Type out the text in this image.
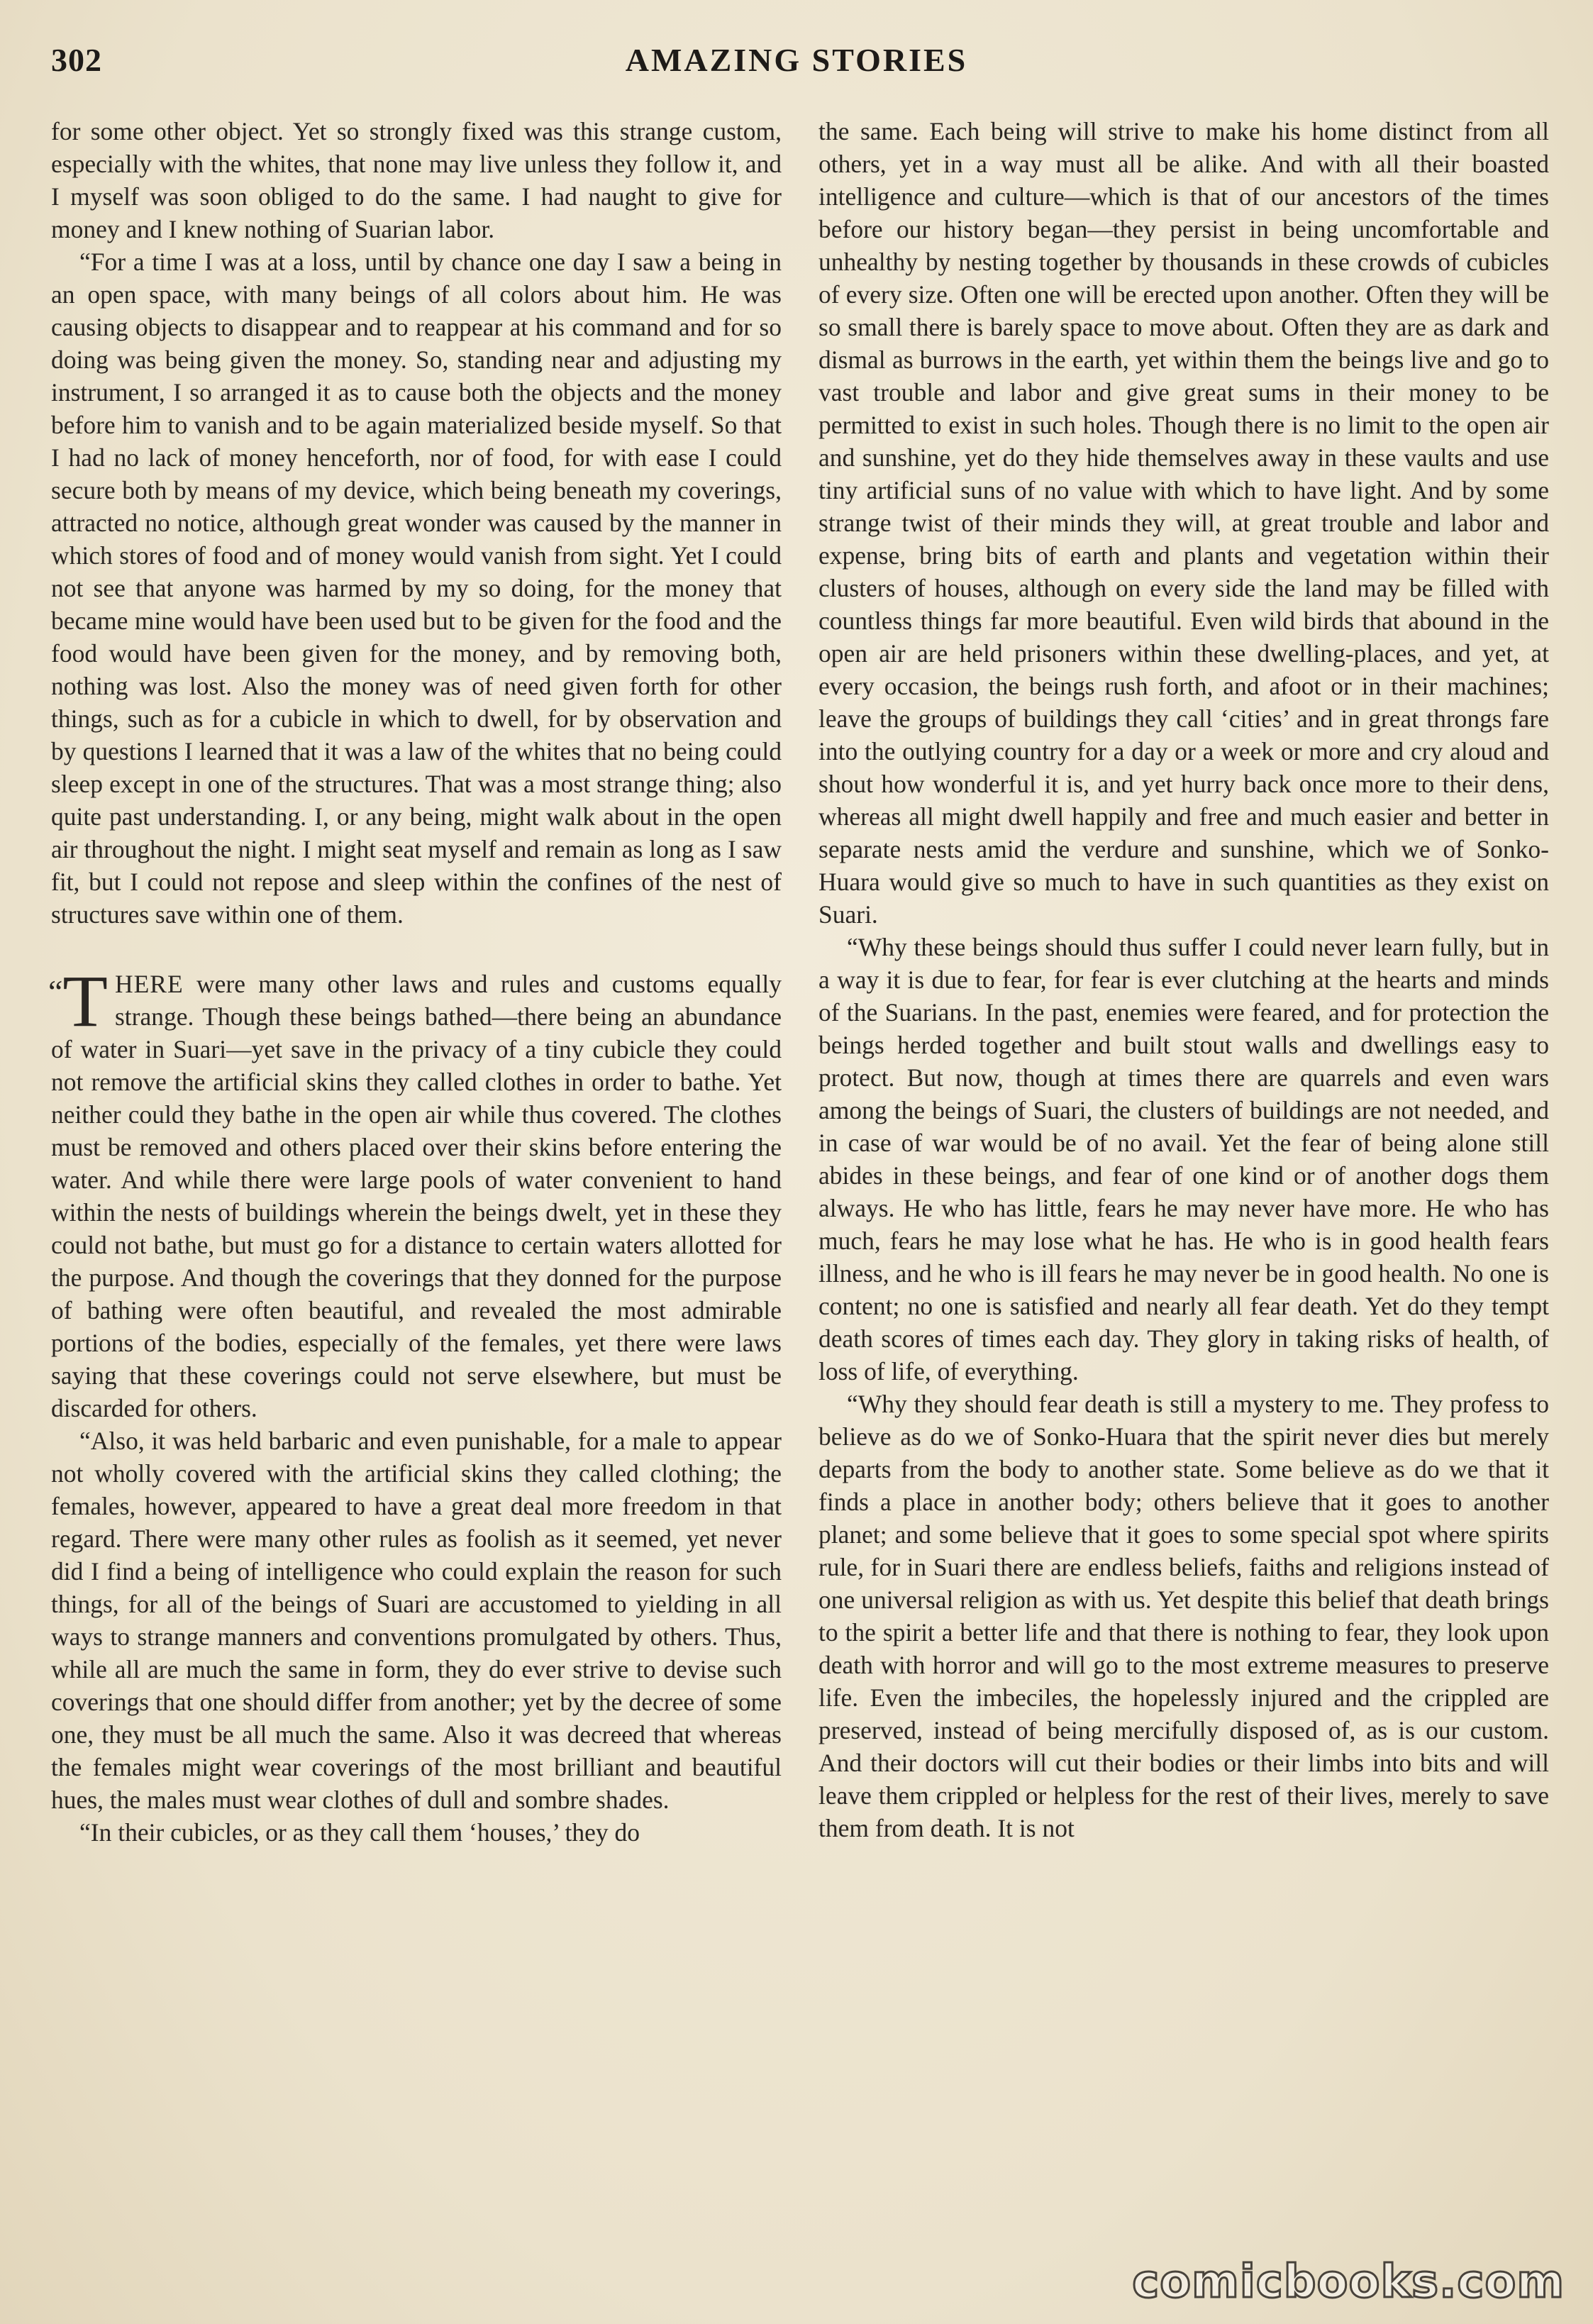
302	AMAZING STORIES

for some other object. Yet so strongly fixed was this strange custom, especially with the whites, that none may live unless they follow it, and I myself was soon obliged to do the same. I had naught to give for money and I knew nothing of Suarian labor.

“For a time I was at a loss, until by chance one day I saw a being in an open space, with many beings of all colors about him. He was causing objects to disappear and to reappear at his command and for so doing was being given the money. So, standing near and adjusting my instrument, I so arranged it as to cause both the objects and the money before him to vanish and to be again materialized beside myself. So that I had no lack of money henceforth, nor of food, for with ease I could secure both by means of my device, which being beneath my coverings, attracted no notice, although great wonder was caused by the manner in which stores of food and of money would vanish from sight. Yet I could not see that anyone was harmed by my so doing, for the money that became mine would have been used but to be given for the food and the food would have been given for the money, and by removing both, nothing was lost. Also the money was of need given forth for other things, such as for a cubicle in which to dwell, for by observation and by questions I learned that it was a law of the whites that no being could sleep except in one of the structures. That was a most strange thing; also quite past understanding. I, or any being, might walk about in the open air throughout the night. I might seat myself and remain as long as I saw fit, but I could not repose and sleep within the confines of the nest of structures save within one of them.

“T HERE were many other laws and rules and customs equally strange. Though these beings bathed—there being an abundance of water in Suari—yet save in the privacy of a tiny cubicle they could not remove the artificial skins they called clothes in order to bathe. Yet neither could they bathe in the open air while thus covered. The clothes must be removed and others placed over their skins before entering the water. And while there were large pools of water convenient to hand within the nests of buildings wherein the beings dwelt, yet in these they could not bathe, but must go for a distance to certain waters allotted for the purpose. And though the coverings that they donned for the purpose of bathing were often beautiful, and revealed the most admirable portions of the bodies, especially of the females, yet there were laws saying that these coverings could not serve elsewhere, but must be discarded for others.

“Also, it was held barbaric and even punishable, for a male to appear not wholly covered with the artificial skins they called clothing; the females, however, appeared to have a great deal more freedom in that regard. There were many other rules as foolish as it seemed, yet never did I find a being of intelligence who could explain the reason for such things, for all of the beings of Suari are accustomed to yielding in all ways to strange manners and conventions promulgated by others. Thus, while all are much the same in form, they do ever strive to devise such coverings that one should differ from another; yet by the decree of some one, they must be all much the same. Also it was decreed that whereas the females might wear coverings of the most brilliant and beautiful hues, the males must wear clothes of dull and sombre shades.

“In their cubicles, or as they call them ‘houses,’ they do

the same. Each being will strive to make his home distinct from all others, yet in a way must all be alike. And with all their boasted intelligence and culture—which is that of our ancestors of the times before our history began—they persist in being uncomfortable and unhealthy by nesting together by thousands in these crowds of cubicles of every size. Often one will be erected upon another. Often they will be so small there is barely space to move about. Often they are as dark and dismal as burrows in the earth, yet within them the beings live and go to vast trouble and labor and give great sums in their money to be permitted to exist in such holes. Though there is no limit to the open air and sunshine, yet do they hide themselves away in these vaults and use tiny artificial suns of no value with which to have light. And by some strange twist of their minds they will, at great trouble and labor and expense, bring bits of earth and plants and vegetation within their clusters of houses, although on every side the land may be filled with countless things far more beautiful. Even wild birds that abound in the open air are held prisoners within these dwelling-places, and yet, at every occasion, the beings rush forth, and afoot or in their machines; leave the groups of buildings they call ‘cities’ and in great throngs fare into the outlying country for a day or a week or more and cry aloud and shout how wonderful it is, and yet hurry back once more to their dens, whereas all might dwell happily and free and much easier and better in separate nests amid the verdure and sunshine, which we of Sonko-Huara would give so much to have in such quantities as they exist on Suari.

“Why these beings should thus suffer I could never learn fully, but in a way it is due to fear, for fear is ever clutching at the hearts and minds of the Suarians. In the past, enemies were feared, and for protection the beings herded together and built stout walls and dwellings easy to protect. But now, though at times there are quarrels and even wars among the beings of Suari, the clusters of buildings are not needed, and in case of war would be of no avail. Yet the fear of being alone still abides in these beings, and fear of one kind or of another dogs them always. He who has little, fears he may never have more. He who has much, fears he may lose what he has. He who is in good health fears illness, and he who is ill fears he may never be in good health. No one is content; no one is satisfied and nearly all fear death. Yet do they tempt death scores of times each day. They glory in taking risks of health, of loss of life, of everything.

“Why they should fear death is still a mystery to me. They profess to believe as do we of Sonko-Huara that the spirit never dies but merely departs from the body to another state. Some believe as do we that it finds a place in another body; others believe that it goes to another planet; and some believe that it goes to some special spot where spirits rule, for in Suari there are endless beliefs, faiths and religions instead of one universal religion as with us. Yet despite this belief that death brings to the spirit a better life and that there is nothing to fear, they look upon death with horror and will go to the most extreme measures to preserve life. Even the imbeciles, the hopelessly injured and the crippled are preserved, instead of being mercifully disposed of, as is our custom. And their doctors will cut their bodies or their limbs into bits and will leave them crippled or helpless for the rest of their lives, merely to save them from death. It is not

comicbooks.com
